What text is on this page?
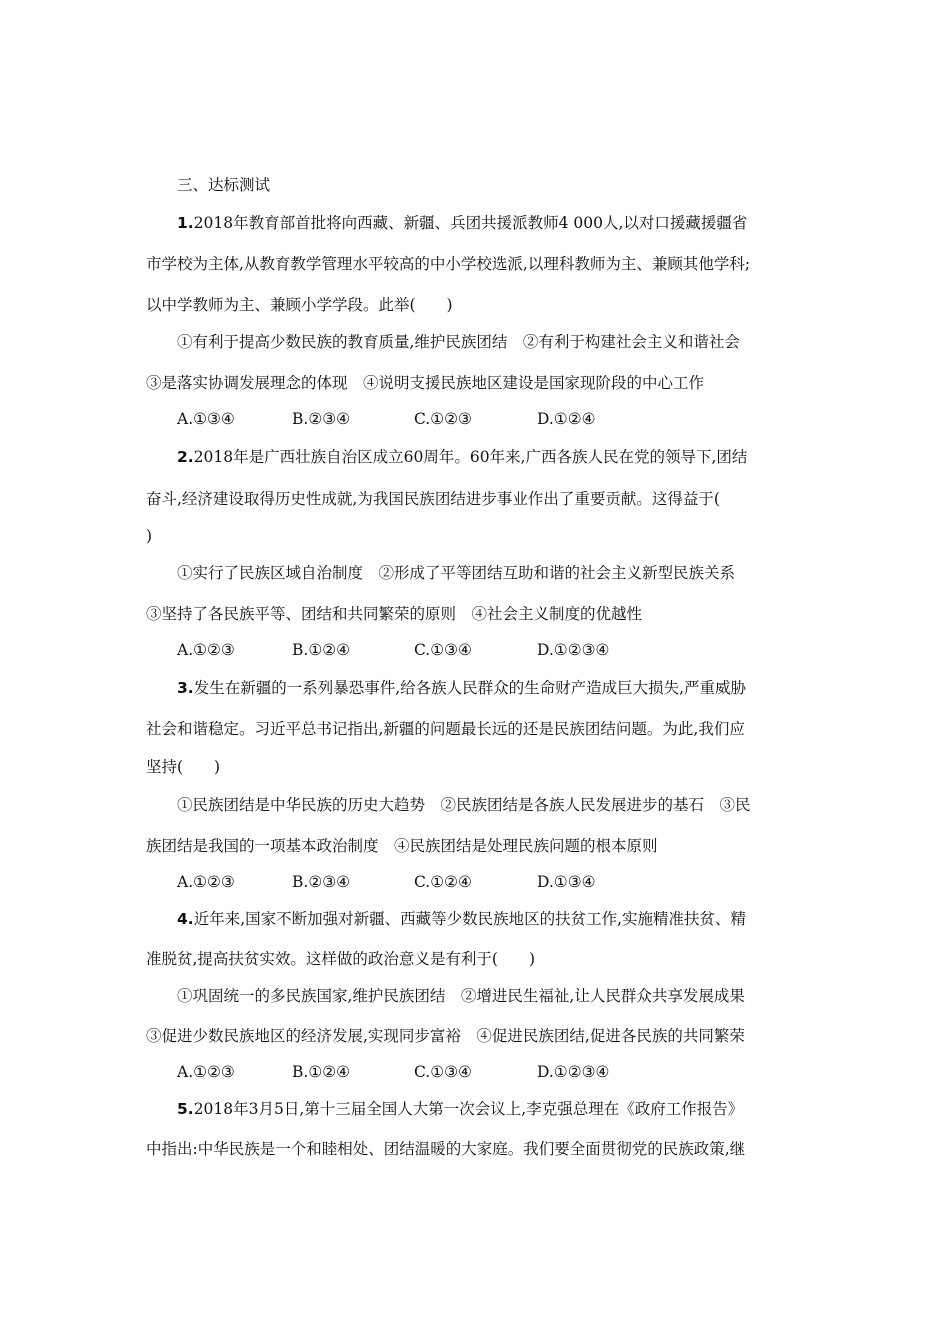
三、达标测试
1.2018年教育部首批将向西藏、新疆、兵团共援派教师4 000人,以对口援藏援疆省
市学校为主体,从教育教学管理水平较高的中小学校选派,以理科教师为主、兼顾其他学科;
以中学教师为主、兼顾小学学段。此举(　　)
①有利于提高少数民族的教育质量,维护民族团结　②有利于构建社会主义和谐社会
③是落实协调发展理念的体现　④说明支援民族地区建设是国家现阶段的中心工作
A.①③④	B.②③④	C.①②③	D.①②④
2.2018年是广西壮族自治区成立60周年。60年来,广西各族人民在党的领导下,团结
奋斗,经济建设取得历史性成就,为我国民族团结进步事业作出了重要贡献。这得益于(
)
①实行了民族区域自治制度　②形成了平等团结互助和谐的社会主义新型民族关系
③坚持了各民族平等、团结和共同繁荣的原则　④社会主义制度的优越性
A.①②③	B.①②④	C.①③④	D.①②③④
3.发生在新疆的一系列暴恐事件,给各族人民群众的生命财产造成巨大损失,严重威胁
社会和谐稳定。习近平总书记指出,新疆的问题最长远的还是民族团结问题。为此,我们应
坚持(　　)
①民族团结是中华民族的历史大趋势　②民族团结是各族人民发展进步的基石　③民
族团结是我国的一项基本政治制度　④民族团结是处理民族问题的根本原则
A.①②③	B.②③④	C.①②④	D.①③④
4.近年来,国家不断加强对新疆、西藏等少数民族地区的扶贫工作,实施精准扶贫、精
准脱贫,提高扶贫实效。这样做的政治意义是有利于(　　)
①巩固统一的多民族国家,维护民族团结　②增进民生福祉,让人民群众共享发展成果
③促进少数民族地区的经济发展,实现同步富裕　④促进民族团结,促进各民族的共同繁荣
A.①②③	B.①②④	C.①③④	D.①②③④
5.2018年3月5日,第十三届全国人大第一次会议上,李克强总理在《政府工作报告》
中指出:中华民族是一个和睦相处、团结温暖的大家庭。我们要全面贯彻党的民族政策,继
